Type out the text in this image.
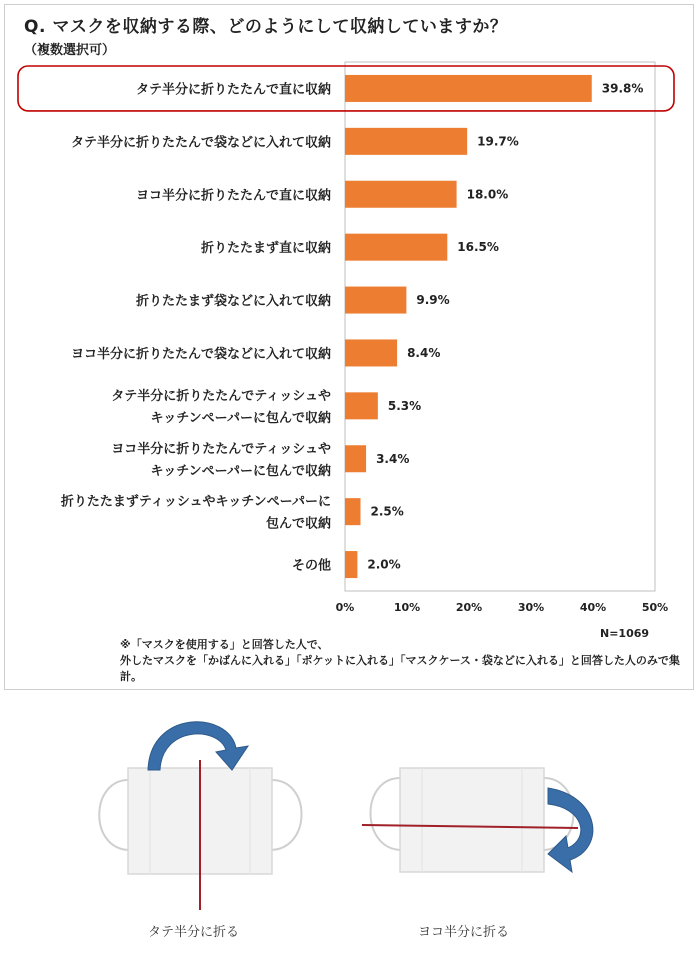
Q. マスクを収納する際、どのようにして収納していますか？
（複数選択可）
39.8%
タテ半分に折りたたんで直に収納
19.7%
タテ半分に折りたたんで袋などに入れて収納
18.0%
ヨコ半分に折りたたんで直に収納
16.5%
折りたたまず直に収納
9.9%
折りたたまず袋などに入れて収納
8.4%
ヨコ半分に折りたたんで袋などに入れて収納
5.3%
タテ半分に折りたたんでティッシュや
キッチンペーパーに包んで収納
3.4%
ヨコ半分に折りたたんでティッシュや
キッチンペーパーに包んで収納
2.5%
折りたたまずティッシュやキッチンペーパーに
包んで収納
2.0%
その他
0%	10%	20%	30%	40%	50%
N=1069
※「マスクを使用する」と回答した人で、
外したマスクを「かばんに入れる」「ポケットに入れる」「マスクケース・袋などに入れる」と回答した人のみで集計。
タテ半分に折る	ヨコ半分に折る
